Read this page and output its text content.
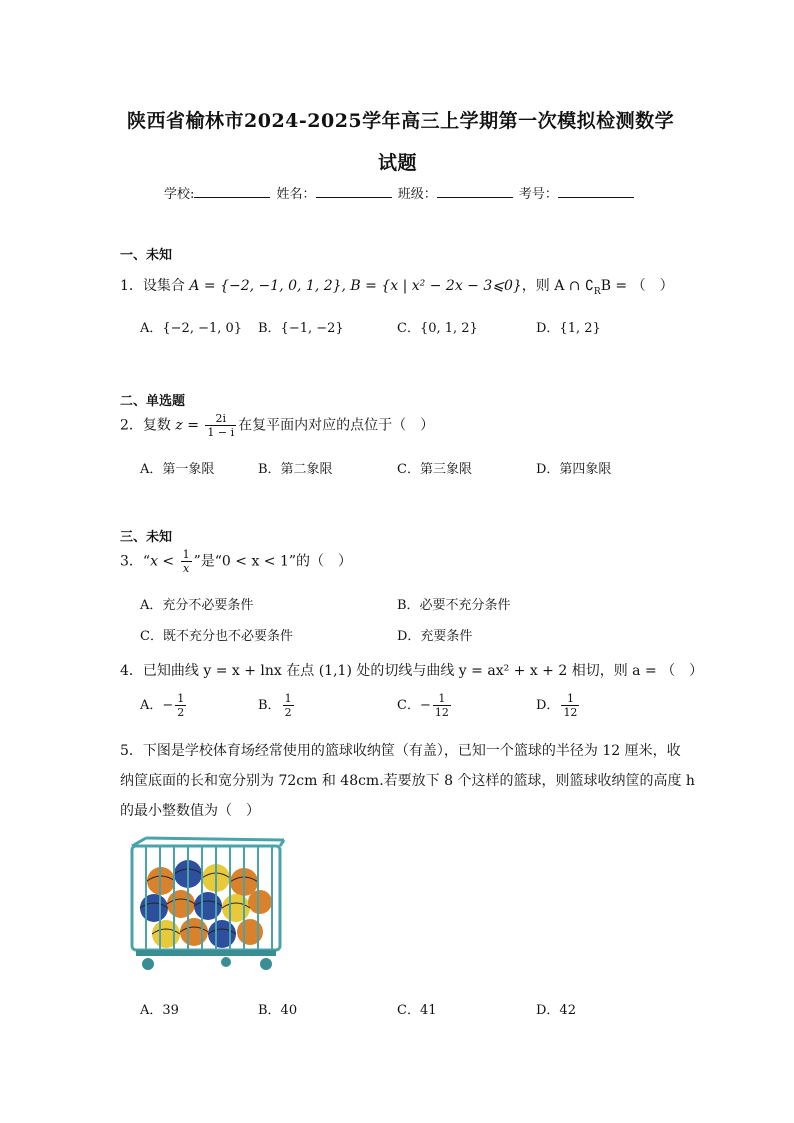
陕西省榆林市2024-2025学年高三上学期第一次模拟检测数学
试题
学校:	姓名：	班级：	考号：
一、未知
1．设集合 A = {−2, −1, 0, 1, 2}, B = {x | x² − 2x − 3⩽0}，则 A ∩ $∁_RB$ = （　）
A．{−2, −1, 0} B．{−1, −2}	C．{0, 1, 2}	D．{1, 2}
二、单选题
2．复数 $z = \frac{2i}{1 - i}$ 在复平面内对应的点位于（　）
A．第一象限	B．第二象限	C．第三象限	D．第四象限
三、未知
3．“$x < \frac{1}{x}$ ”是“0 < x < 1”的（　）
A．充分不必要条件	B．必要不充分条件
C．既不充分也不必要条件	D．充要条件
4．已知曲线 y = x + lnx 在点 (1,1) 处的切线与曲线 y = ax² + x + 2 相切，则 a = （　）
A．− $\frac{1}{2}$	B． $\frac{1}{2}$	C．− $\frac{1}{12}$	D． $\frac{1}{12}$
5．下图是学校体育场经常使用的篮球收纳筐（有盖），已知一个篮球的半径为 12 厘米，收
纳筐底面的长和宽分别为 72cm 和 48cm.若要放下 8 个这样的篮球，则篮球收纳筐的高度 h
的最小整数值为（　）
A．39	B．40	C．41	D．42
